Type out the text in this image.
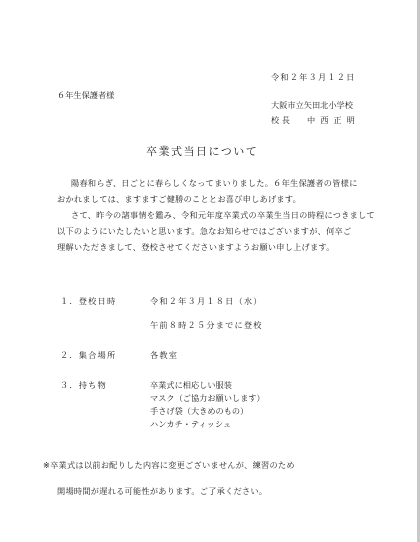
令和２年３月１２日
６年生保護者様
大阪市立矢田北小学校
校 長 中 西 正 明
卒業式当日について
陽春和らぎ、日ごとに春らしくなってまいりました。６年生保護者の皆様に
おかれましては、ますますご健勝のこととお喜び申しあげます。
さて、昨今の諸事情を鑑み、令和元年度卒業式の卒業生当日の時程につきまして
以下のようにいたしたいと思います。急なお知らせではございますが、何卒ご
理解いただきまして、登校させてくださいますようお願い申し上げます。
１．登校日時	令和２年３月１８日（水）
午前８時２５分までに登校
２．集合場所	各教室
３．持ち物	卒業式に相応しい服装
マスク（ご協力お願いします）
手さげ袋（大きめのもの）
ハンカチ・ティッシュ
※卒業式は以前お配りした内容に変更ございませんが、練習のため
開場時間が遅れる可能性があります。ご了承ください。
